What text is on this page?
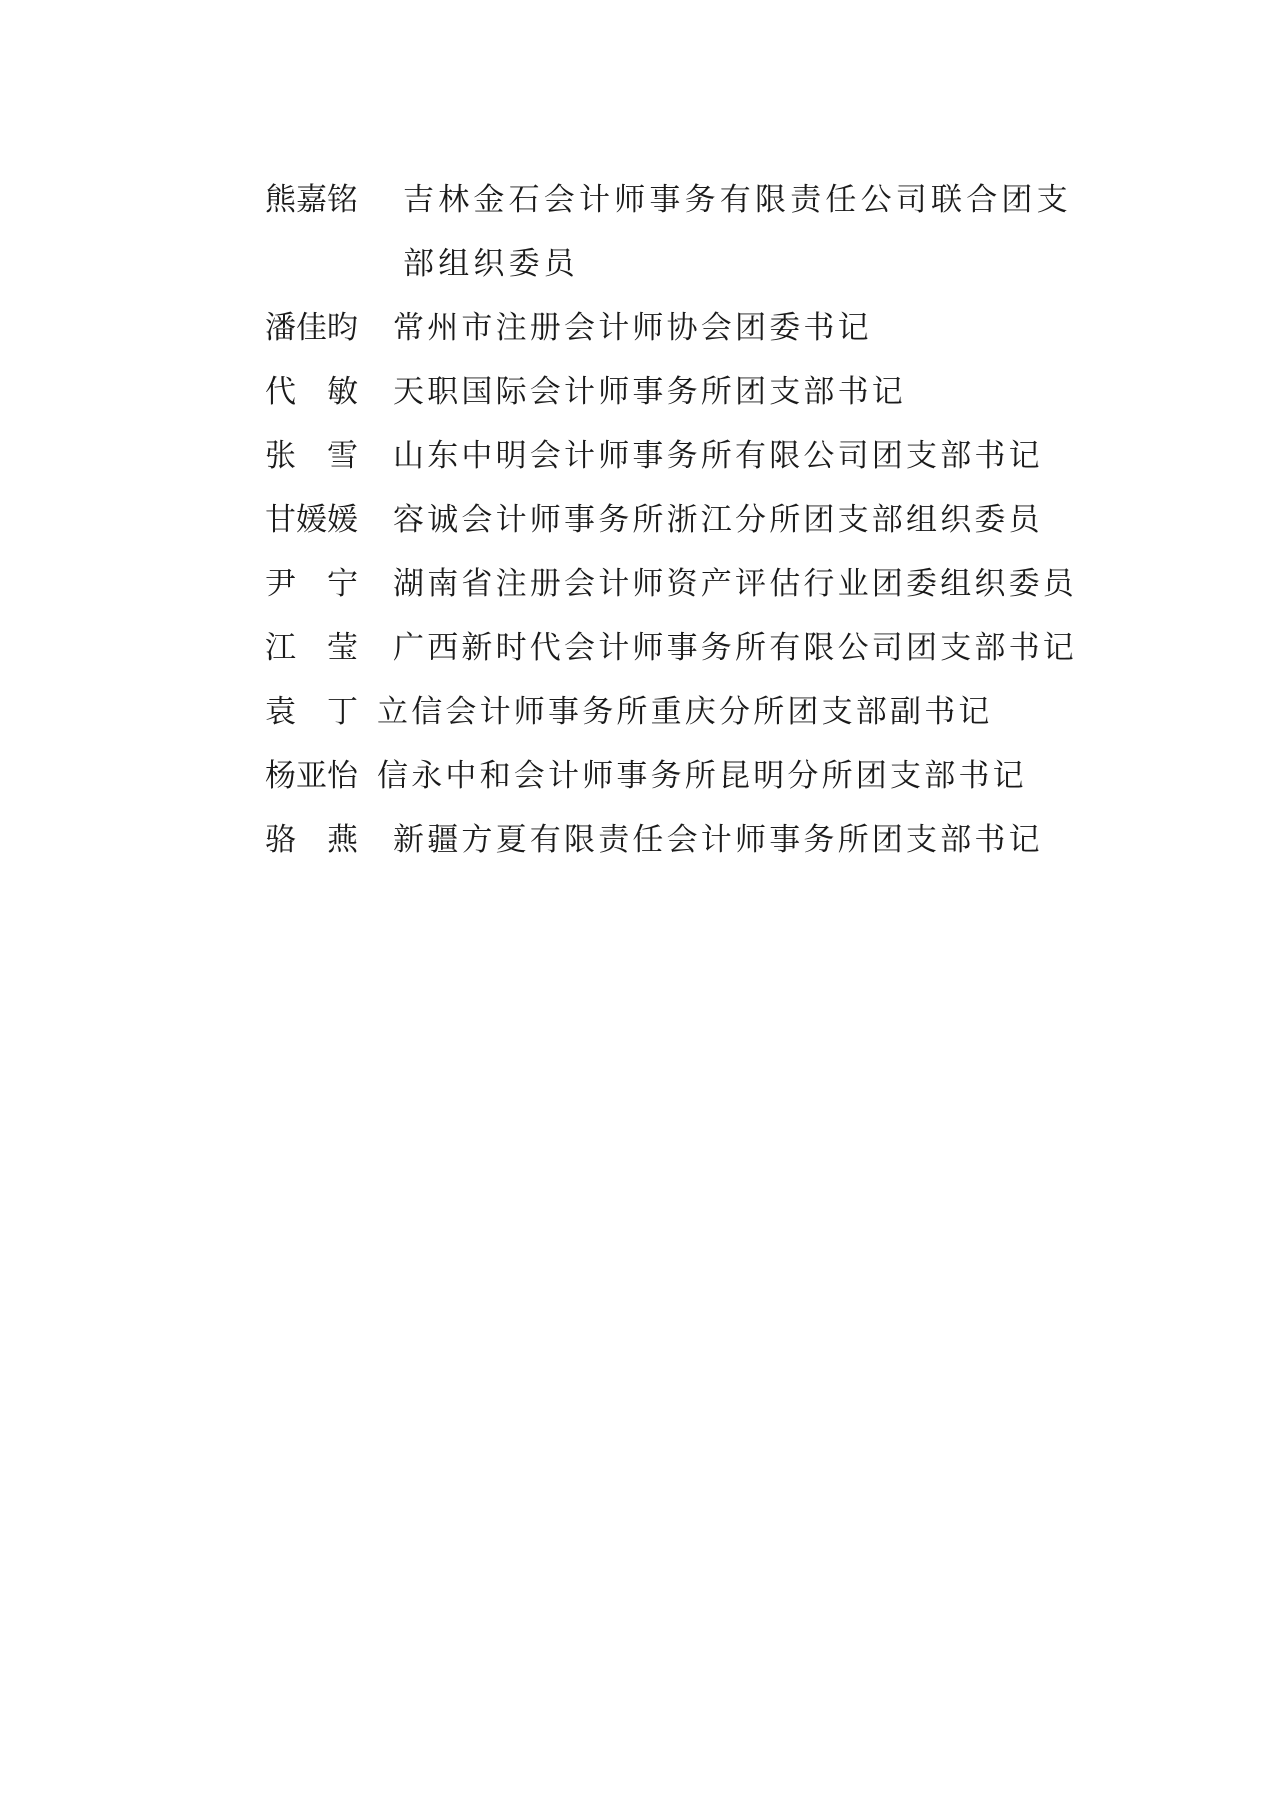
熊嘉铭 吉林金石会计师事务有限责任公司联合团支部组织委员
潘佳昀 常州市注册会计师协会团委书记
代　敏 天职国际会计师事务所团支部书记
张　雪 山东中明会计师事务所有限公司团支部书记
甘媛媛 容诚会计师事务所浙江分所团支部组织委员
尹　宁 湖南省注册会计师资产评估行业团委组织委员
江　莹 广西新时代会计师事务所有限公司团支部书记
袁　丁 立信会计师事务所重庆分所团支部副书记
杨亚怡 信永中和会计师事务所昆明分所团支部书记
骆　燕 新疆方夏有限责任会计师事务所团支部书记
